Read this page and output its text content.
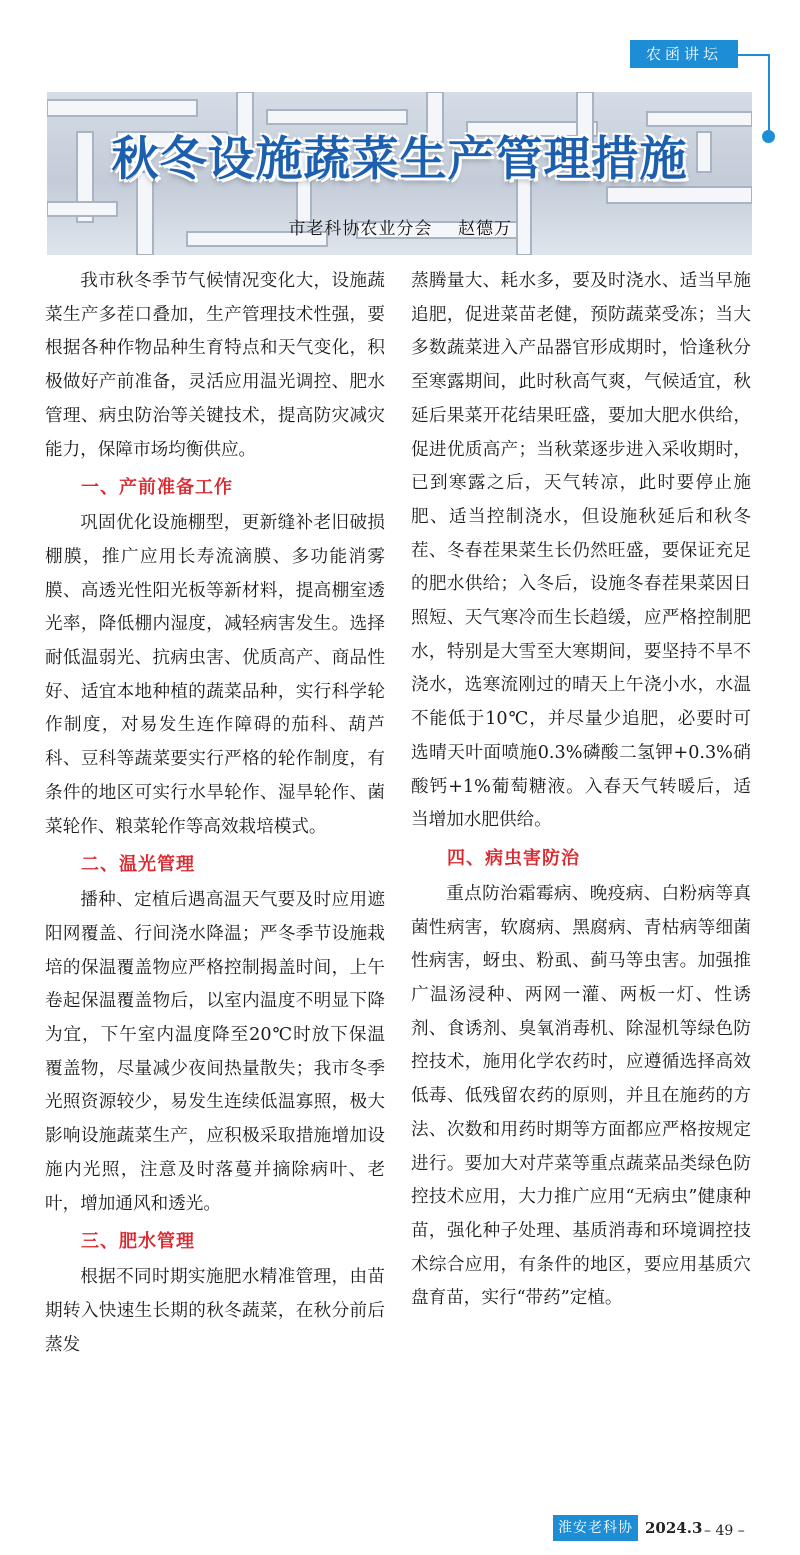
农函讲坛
秋冬设施蔬菜生产管理措施
市老科协农业分会    赵德万

我市秋冬季节气候情况变化大，设施蔬菜生产多茬口叠加，生产管理技术性强，要根据各种作物品种生育特点和天气变化，积极做好产前准备，灵活应用温光调控、肥水管理、病虫防治等关键技术，提高防灾减灾能力，保障市场均衡供应。

一、产前准备工作

巩固优化设施棚型，更新缝补老旧破损棚膜，推广应用长寿流滴膜、多功能消雾膜、高透光性阳光板等新材料，提高棚室透光率，降低棚内湿度，减轻病害发生。选择耐低温弱光、抗病虫害、优质高产、商品性好、适宜本地种植的蔬菜品种，实行科学轮作制度，对易发生连作障碍的茄科、葫芦科、豆科等蔬菜要实行严格的轮作制度，有条件的地区可实行水旱轮作、湿旱轮作、菌菜轮作、粮菜轮作等高效栽培模式。

二、温光管理

播种、定植后遇高温天气要及时应用遮阳网覆盖、行间浇水降温；严冬季节设施栽培的保温覆盖物应严格控制揭盖时间，上午卷起保温覆盖物后，以室内温度不明显下降为宜，下午室内温度降至20℃时放下保温覆盖物，尽量减少夜间热量散失；我市冬季光照资源较少，易发生连续低温寡照，极大影响设施蔬菜生产，应积极采取措施增加设施内光照，注意及时落蔓并摘除病叶、老叶，增加通风和透光。

三、肥水管理

根据不同时期实施肥水精准管理，由苗期转入快速生长期的秋冬蔬菜，在秋分前后蒸发

蒸腾量大、耗水多，要及时浇水、适当早施追肥，促进菜苗老健，预防蔬菜受冻；当大多数蔬菜进入产品器官形成期时，恰逢秋分至寒露期间，此时秋高气爽，气候适宜，秋延后果菜开花结果旺盛，要加大肥水供给，促进优质高产；当秋菜逐步进入采收期时，已到寒露之后，天气转凉，此时要停止施肥、适当控制浇水，但设施秋延后和秋冬茬、冬春茬果菜生长仍然旺盛，要保证充足的肥水供给；入冬后，设施冬春茬果菜因日照短、天气寒冷而生长趋缓，应严格控制肥水，特别是大雪至大寒期间，要坚持不旱不浇水，选寒流刚过的晴天上午浇小水，水温不能低于10℃，并尽量少追肥，必要时可选晴天叶面喷施0.3%磷酸二氢钾+0.3%硝酸钙+1%葡萄糖液。入春天气转暖后，适当增加水肥供给。

四、病虫害防治

重点防治霜霉病、晚疫病、白粉病等真菌性病害，软腐病、黑腐病、青枯病等细菌性病害，蚜虫、粉虱、蓟马等虫害。加强推广温汤浸种、两网一灌、两板一灯、性诱剂、食诱剂、臭氧消毒机、除湿机等绿色防控技术，施用化学农药时，应遵循选择高效低毒、低残留农药的原则，并且在施药的方法、次数和用药时期等方面都应严格按规定进行。要加大对芹菜等重点蔬菜品类绿色防控技术应用，大力推广应用“无病虫”健康种苗，强化种子处理、基质消毒和环境调控技术综合应用，有条件的地区，要应用基质穴盘育苗，实行“带药”定植。

淮安老科协 2024.3 – 49 –
